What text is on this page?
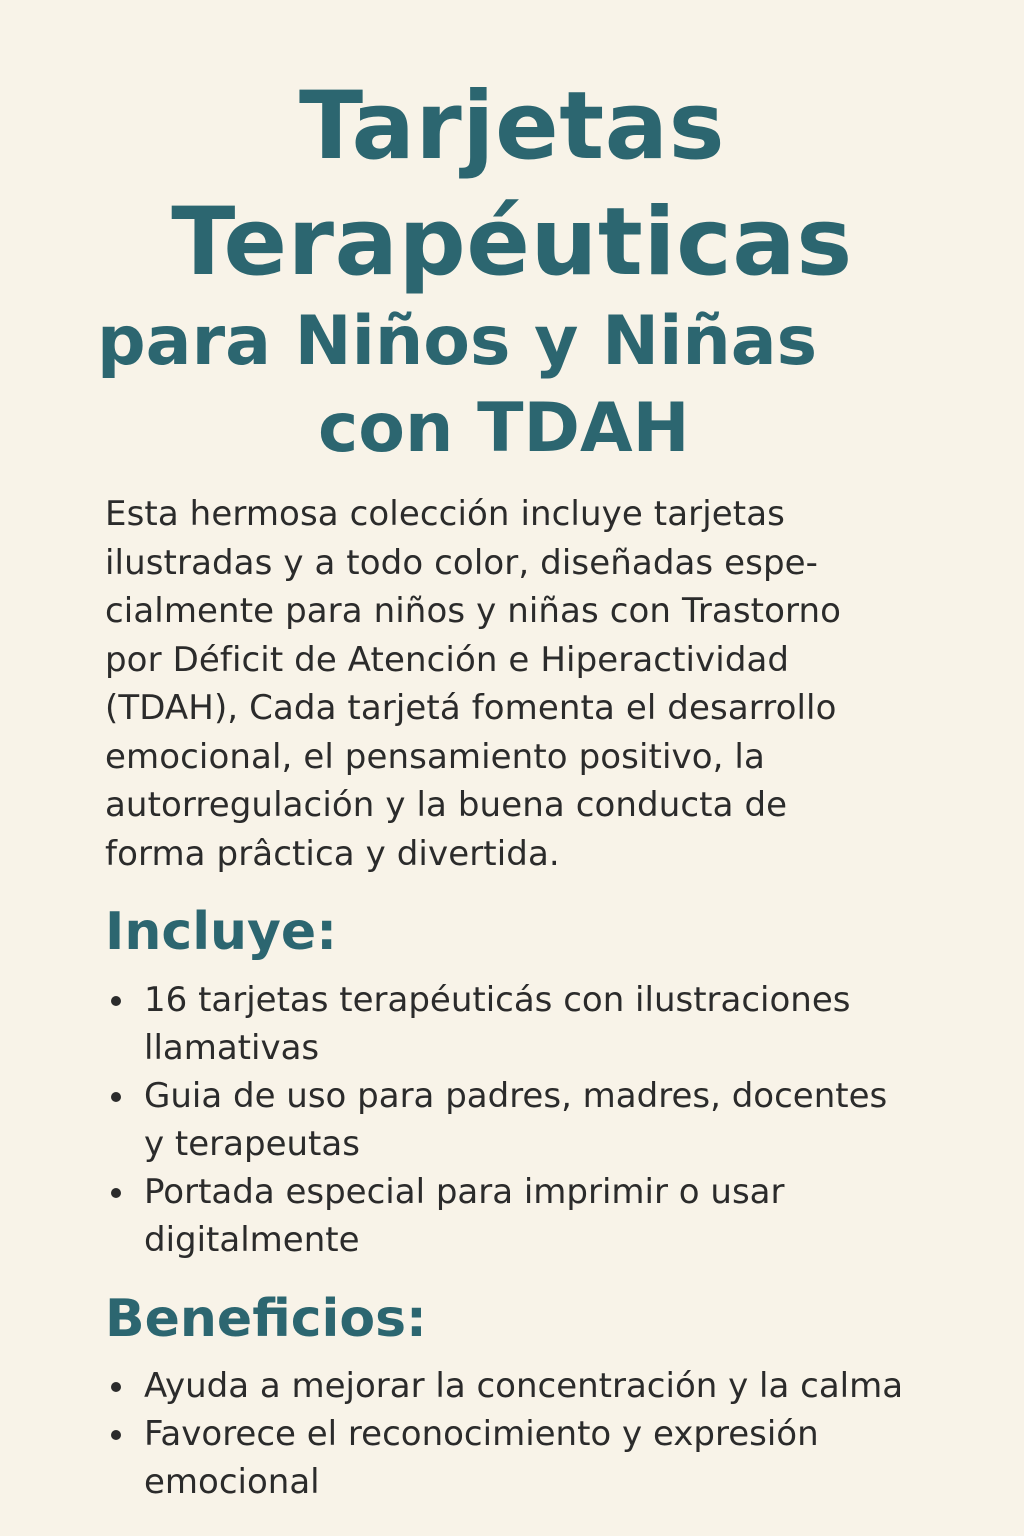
Tarjetas
Terapéuticas
para Niños y Niñas
con TDAH

Esta hermosa colección incluye tarjetas
ilustradas y a todo color, diseñadas espe-
cialmente para niños y niñas con Trastorno
por Déficit de Atención e Hiperactividad
(TDAH), Cada tarjetá fomenta el desarrollo
emocional, el pensamiento positivo, la
autorregulación y la buena conducta de
forma prâctica y divertida.

Incluye:
16 tarjetas terapéuticás con ilustraciones
llamativas
Guia de uso para padres, madres, docentes
y terapeutas
Portada especial para imprimir o usar
digitalmente
Beneficios:
Ayuda a mejorar la concentración y la calma
Favorece el reconocimiento y expresión
emocional
